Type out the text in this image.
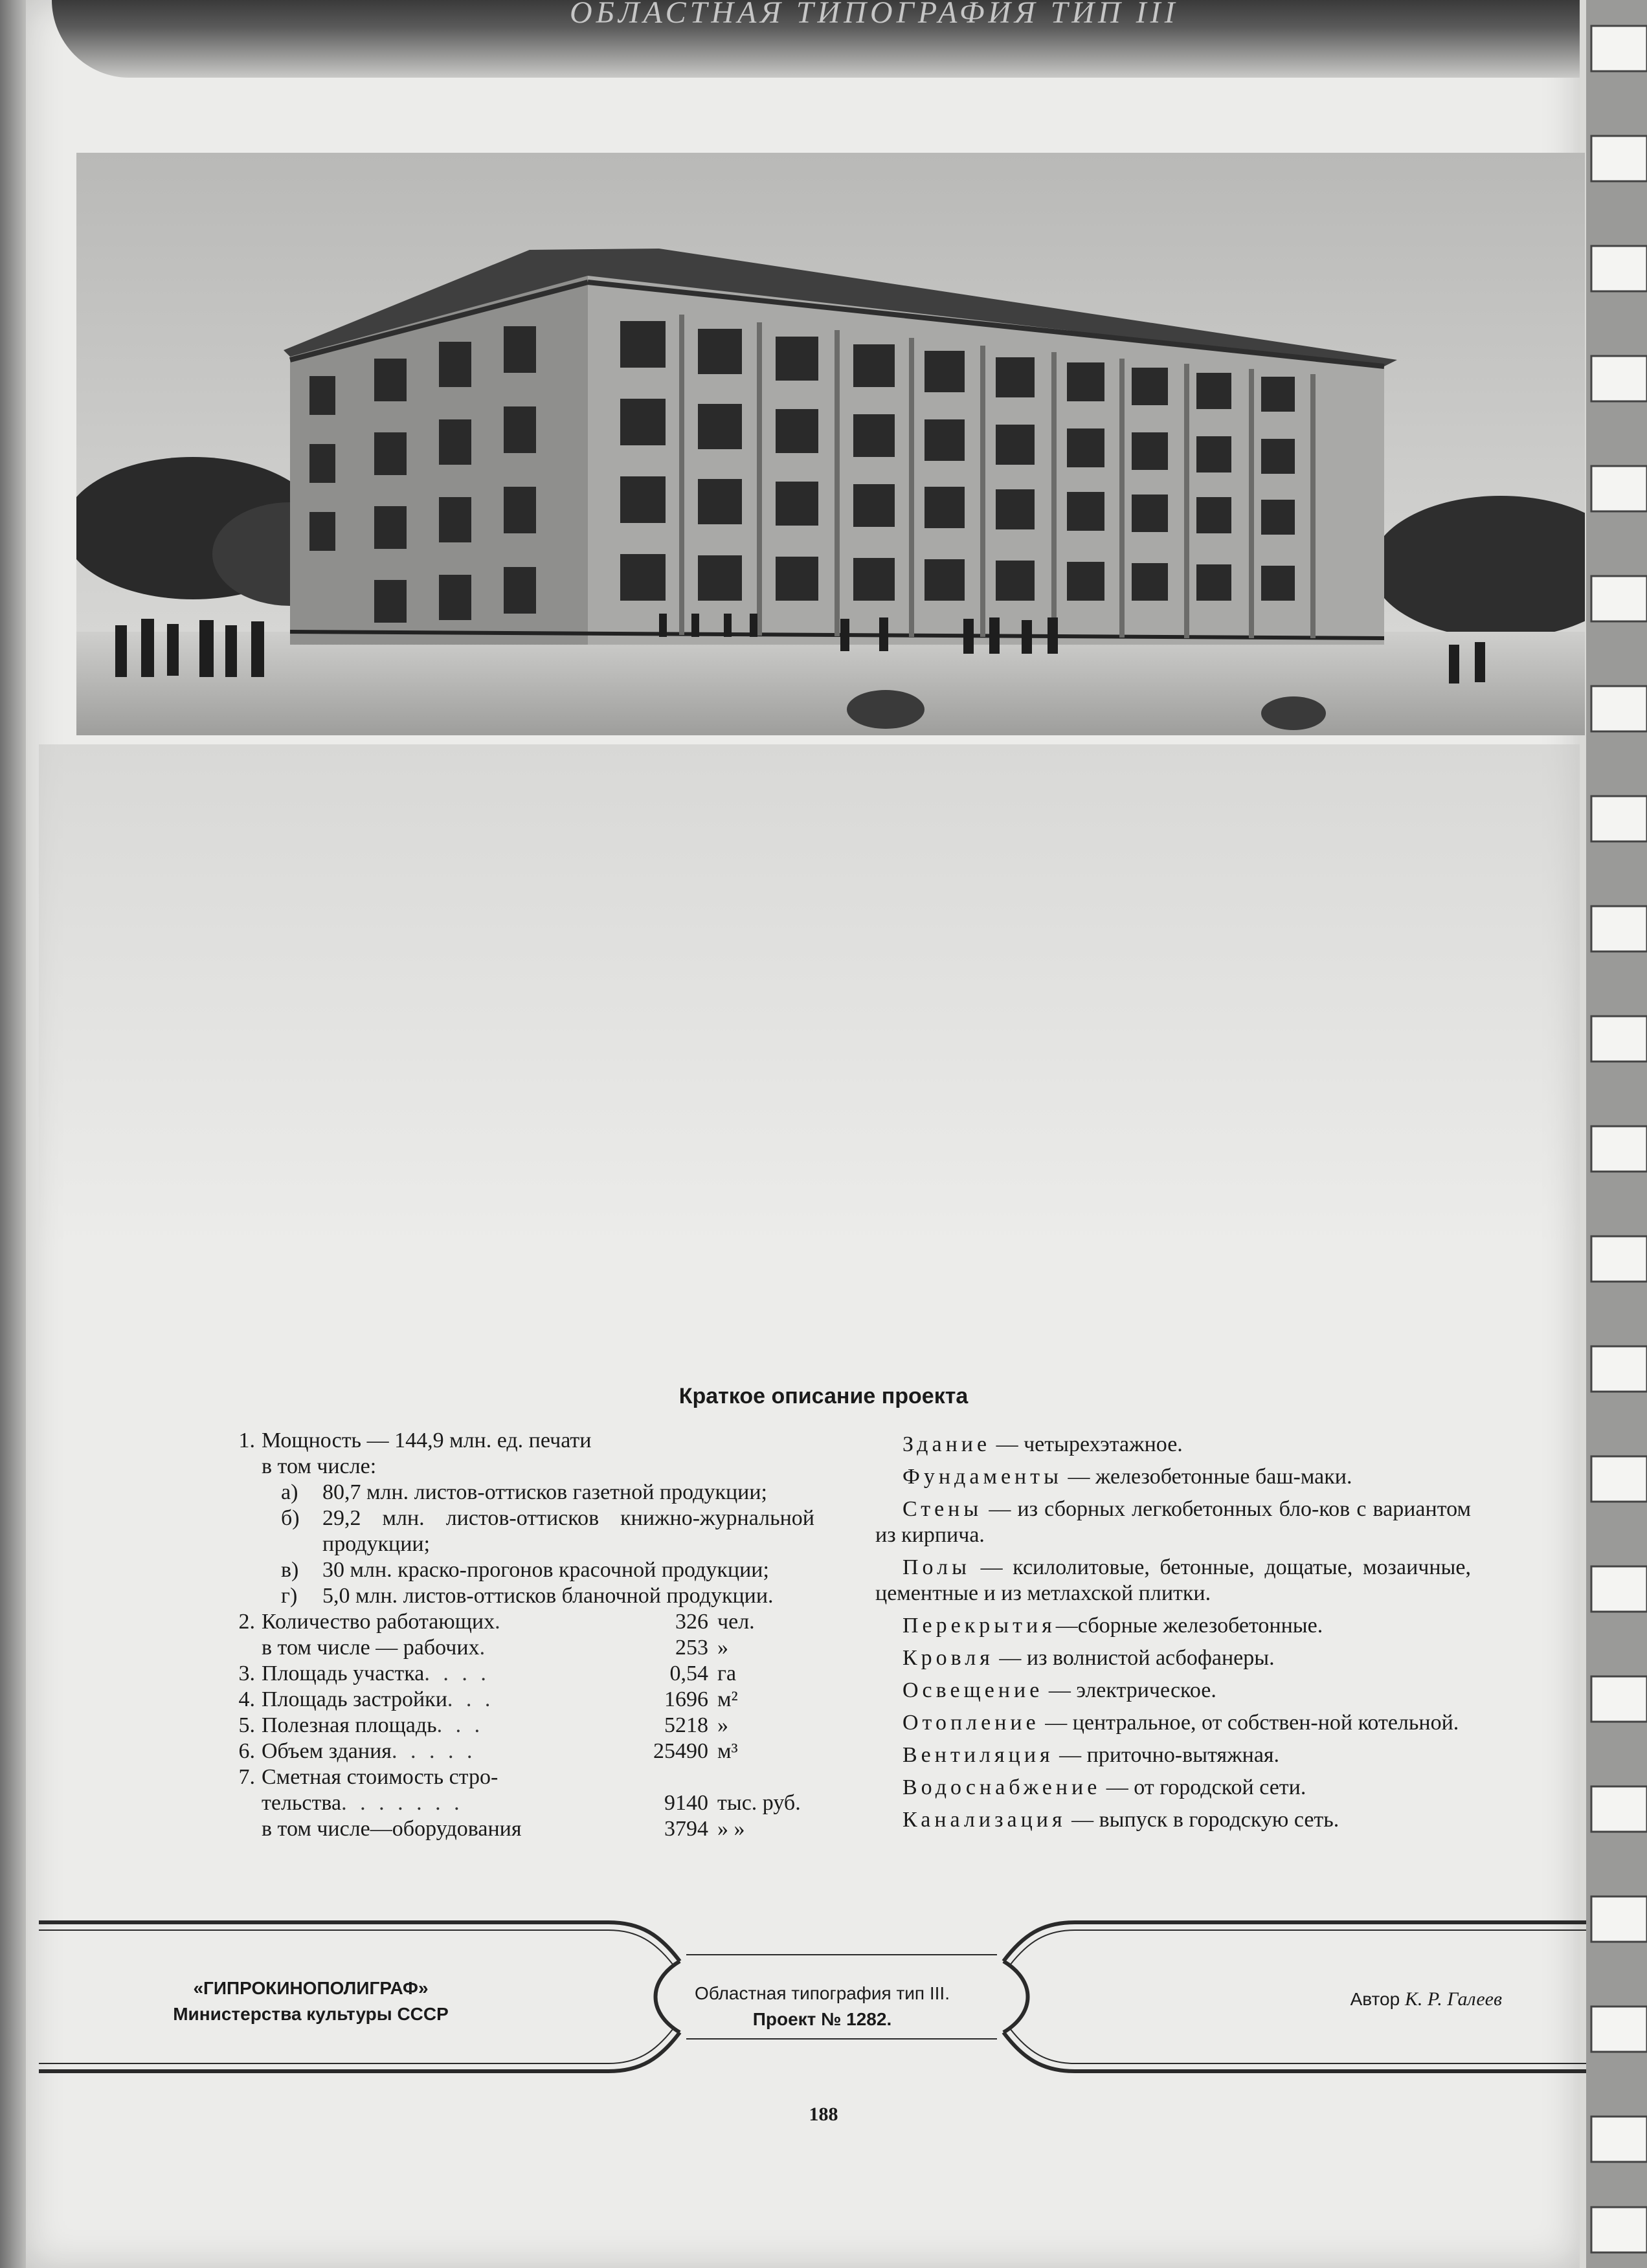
ОБЛАСТНАЯ ТИПОГРАФИЯ ТИП III
Краткое описание проекта
1. Мощность — 144,9 млн. ед. печати
в том числе:
а)	80,7 млн. листов-оттисков газетной продукции;
б)	29,2 млн. листов-оттисков книжно-журнальной продукции;
в)	30 млн. краско-прогонов красочной продукции;
г)	5,0 млн. листов-оттисков бланочной продукции.
2. Количество работающих .	326 чел.
в том числе — рабочих .	253 »
3. Площадь участка . . . .	0,54 га
4. Площадь застройки . . .	1696 м²
5. Полезная площадь . . .	5218 »
6. Объем здания . . . . .	25490 м³
7. Сметная стоимость стро-
тельства . . . . . . .	9140 тыс. руб.
в том числе—оборудования	3794 » »

Здание — четырехэтажное.

Фундаменты — железобетонные баш-маки.

Стены — из сборных легкобетонных бло-ков с вариантом из кирпича.

Полы — ксилолитовые, бетонные, дощатые, мозаичные, цементные и из метлахской плитки.

Перекрытия—сборные железобетонные.

Кровля — из волнистой асбофанеры.

Освещение — электрическое.

Отопление — центральное, от собствен-ной котельной.

Вентиляция — приточно-вытяжная.

Водоснабжение — от городской сети.

Канализация — выпуск в городскую сеть.

«ГИПРОКИНОПОЛИГРАФ»
Министерства культуры СССР
Областная типография тип III.
Проект № 1282.
Автор К. Р. Галеев
188
